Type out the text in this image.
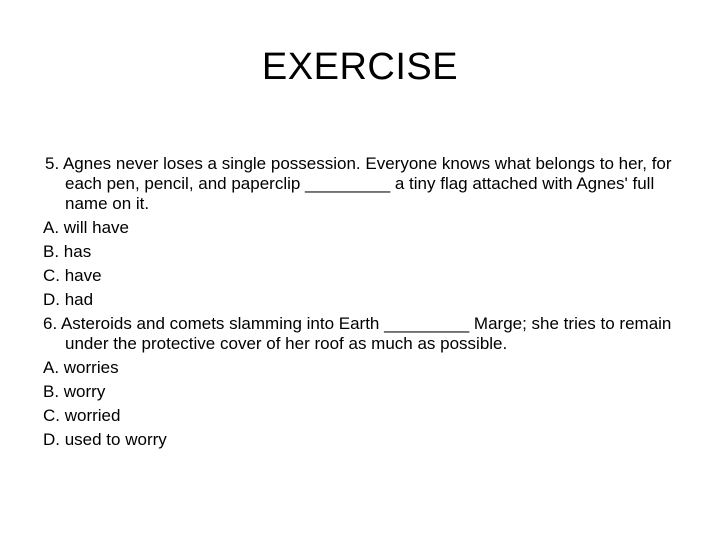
EXERCISE

5. Agnes never loses a single possession. Everyone knows what belongs to her, for each pen, pencil, and paperclip _________ a tiny flag attached with Agnes' full name on it.

A. will have

B. has

C. have

D. had

6. Asteroids and comets slamming into Earth _________ Marge; she tries to remain under the protective cover of her roof as much as possible.

A. worries

B. worry

C. worried

D. used to worry
